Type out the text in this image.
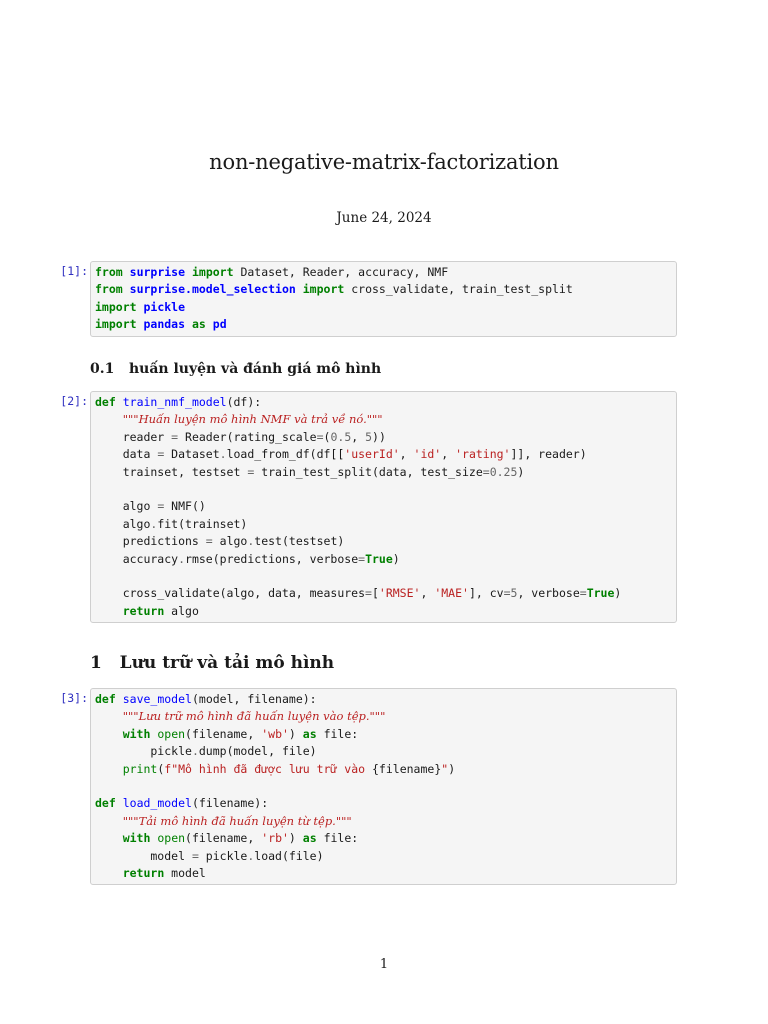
non-negative-matrix-factorization
June 24, 2024
[1]: from surprise import Dataset, Reader, accuracy, NMF
from surprise.model_selection import cross_validate, train_test_split
import pickle
import pandas as pd
0.1 huấn luyện và đánh giá mô hình
[2]: def train_nmf_model(df):
"""Huấn luyện mô hình NMF và trả về nó."""
reader = Reader(rating_scale=(0.5, 5))
data = Dataset.load_from_df(df[['userId', 'id', 'rating']], reader)
trainset, testset = train_test_split(data, test_size=0.25)
algo = NMF()
algo.fit(trainset)
predictions = algo.test(testset)
accuracy.rmse(predictions, verbose=True)
cross_validate(algo, data, measures=['RMSE', 'MAE'], cv=5, verbose=True)
return algo
1 Lưu trữ và tải mô hình
[3]: def save_model(model, filename):
"""Lưu trữ mô hình đã huấn luyện vào tệp."""
with open(filename, 'wb') as file:
pickle.dump(model, file)
print(f"Mô hình đã được lưu trữ vào {filename}")
def load_model(filename):
"""Tải mô hình đã huấn luyện từ tệp."""
with open(filename, 'rb') as file:
model = pickle.load(file)
return model
1
